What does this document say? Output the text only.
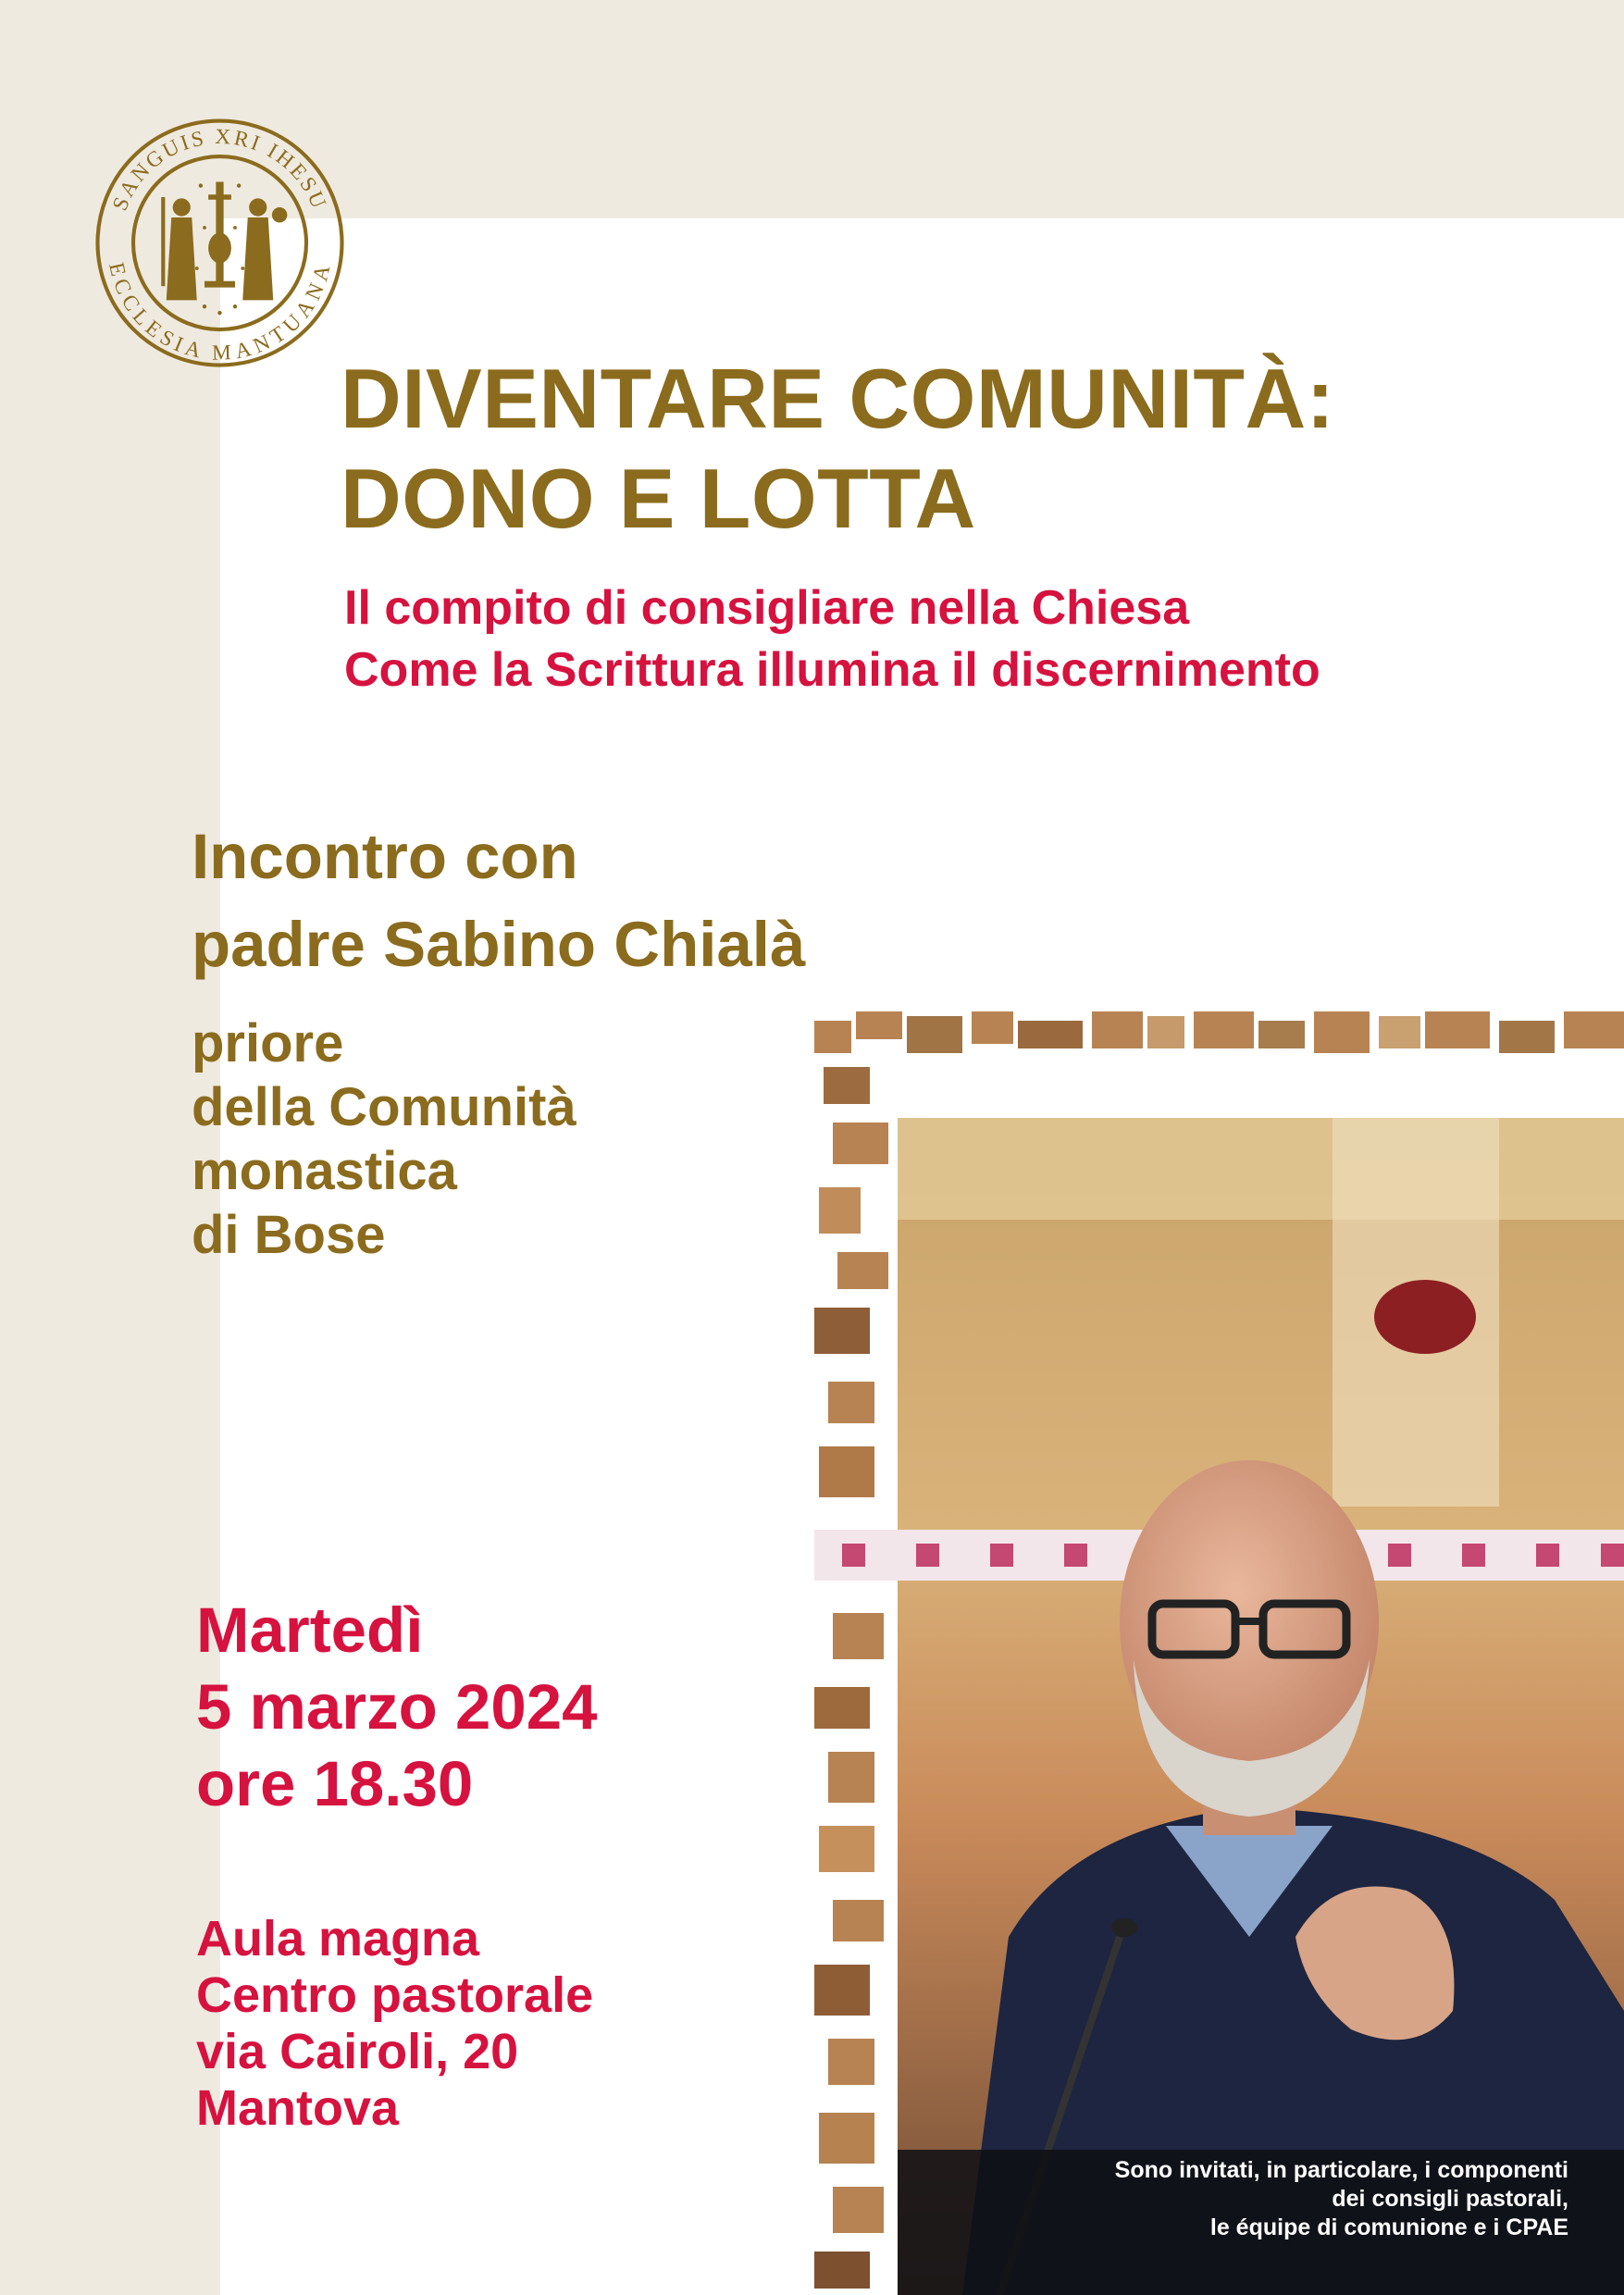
SANGUIS XRI IHESU
ECCLESIA MANTUANA
DIVENTARE COMUNITÀ:
DONO E LOTTA
Il compito di consigliare nella Chiesa
Come la Scrittura illumina il discernimento
Incontro con
padre Sabino Chialà
priore
della Comunità
monastica
di Bose
Martedì
5 marzo 2024
ore 18.30
Aula magna
Centro pastorale
via Cairoli, 20
Mantova
Sono invitati, in particolare, i componenti
dei consigli pastorali,
le équipe di comunione e i CPAE
